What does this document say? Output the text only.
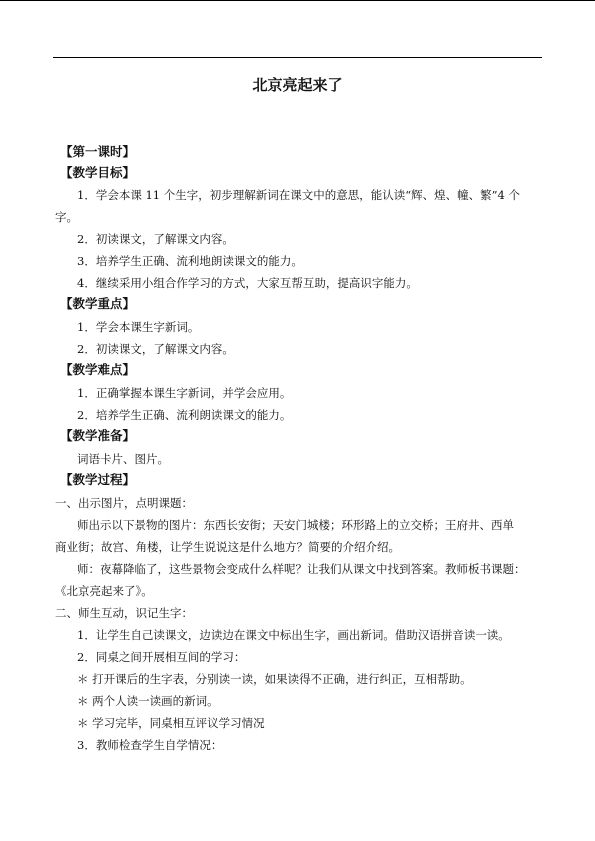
北京亮起来了
【第一课时】
【教学目标】
1．学会本课 11 个生字，初步理解新词在课文中的意思，能认读“辉、煌、幢、繁”4 个
字。
2．初读课文，了解课文内容。
3．培养学生正确、流利地朗读课文的能力。
4．继续采用小组合作学习的方式，大家互帮互助，提高识字能力。
【教学重点】
1．学会本课生字新词。
2．初读课文，了解课文内容。
【教学难点】
1．正确掌握本课生字新词，并学会应用。
2．培养学生正确、流利朗读课文的能力。
【教学准备】
词语卡片、图片。
【教学过程】
一、出示图片，点明课题：
师出示以下景物的图片：东西长安街；天安门城楼；环形路上的立交桥；王府井、西单
商业街；故宫、角楼，让学生说说这是什么地方？简要的介绍介绍。
师：夜幕降临了，这些景物会变成什么样呢？让我们从课文中找到答案。教师板书课题：
《北京亮起来了》。
二、师生互动，识记生字：
1．让学生自己读课文，边读边在课文中标出生字，画出新词。借助汉语拼音读一读。
2．同桌之间开展相互间的学习：
＊ 打开课后的生字表，分别读一读，如果读得不正确，进行纠正，互相帮助。
＊ 两个人读一读画的新词。
＊ 学习完毕，同桌相互评议学习情况
3．教师检查学生自学情况：
